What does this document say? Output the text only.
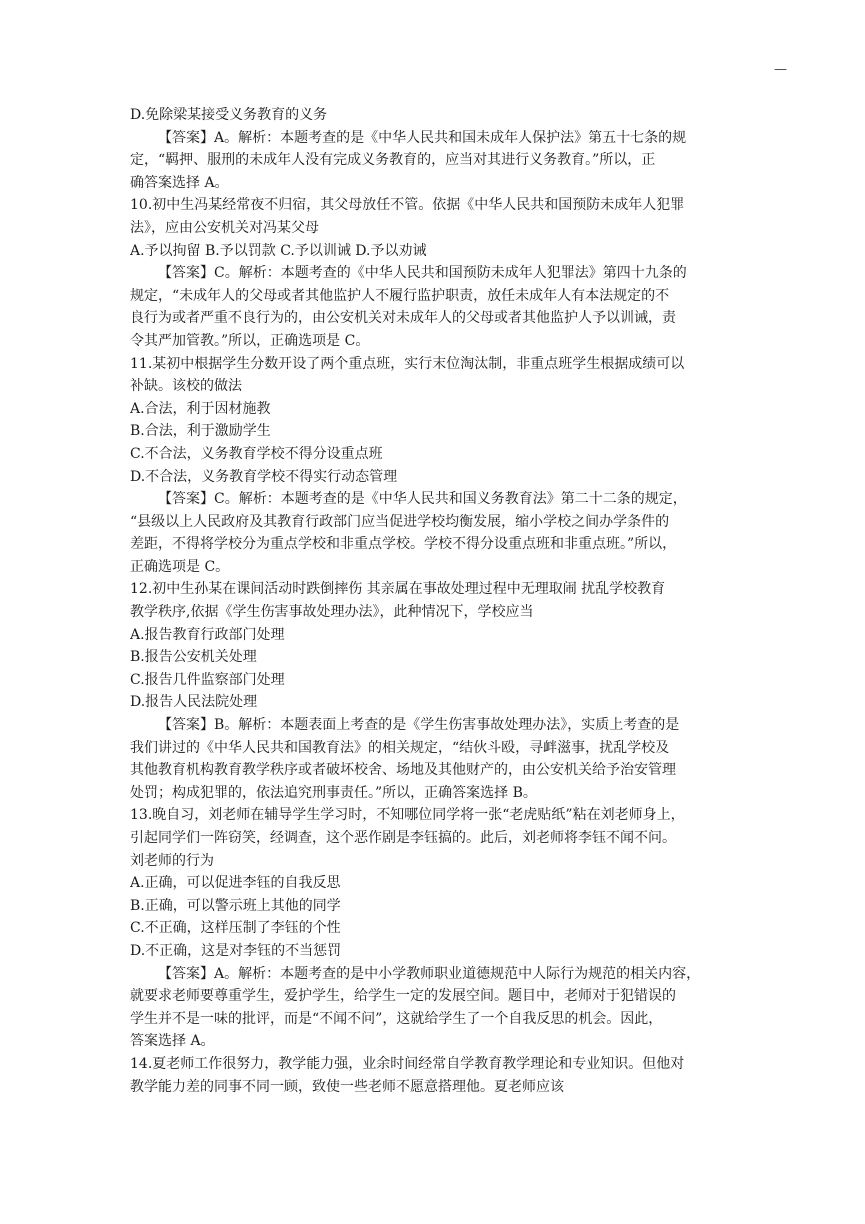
—
D.免除梁某接受义务教育的义务
【答案】A。解析：本题考查的是《中华人民共和国未成年人保护法》第五十七条的规
定，“羁押、服刑的未成年人没有完成义务教育的，应当对其进行义务教育。”所以，正
确答案选择 A。
10.初中生冯某经常夜不归宿，其父母放任不管。依据《中华人民共和国预防未成年人犯罪
法》，应由公安机关对冯某父母
A.予以拘留 B.予以罚款 C.予以训诫 D.予以劝诫
【答案】C。解析：本题考查的《中华人民共和国预防未成年人犯罪法》第四十九条的
规定，“未成年人的父母或者其他监护人不履行监护职责，放任未成年人有本法规定的不
良行为或者严重不良行为的，由公安机关对未成年人的父母或者其他监护人予以训诫，责
令其严加管教。”所以，正确选项是 C。
11.某初中根据学生分数开设了两个重点班，实行末位淘汰制，非重点班学生根据成绩可以
补缺。该校的做法
A.合法，利于因材施教
B.合法，利于激励学生
C.不合法，义务教育学校不得分设重点班
D.不合法，义务教育学校不得实行动态管理
【答案】C。解析：本题考查的是《中华人民共和国义务教育法》第二十二条的规定，
“县级以上人民政府及其教育行政部门应当促进学校均衡发展，缩小学校之间办学条件的
差距，不得将学校分为重点学校和非重点学校。学校不得分设重点班和非重点班。”所以，
正确选项是 C。
12.初中生孙某在课间活动时跌倒摔伤 其亲属在事故处理过程中无理取闹 扰乱学校教育
教学秩序,依据《学生伤害事故处理办法》，此种情况下，学校应当
A.报告教育行政部门处理
B.报告公安机关处理
C.报告几件监察部门处理
D.报告人民法院处理
【答案】B。解析：本题表面上考查的是《学生伤害事故处理办法》，实质上考查的是
我们讲过的《中华人民共和国教育法》的相关规定，“结伙斗殴，寻衅滋事，扰乱学校及
其他教育机构教育教学秩序或者破坏校舍、场地及其他财产的，由公安机关给予治安管理
处罚；构成犯罪的，依法追究刑事责任。”所以，正确答案选择 B。
13.晚自习，刘老师在辅导学生学习时，不知哪位同学将一张“老虎贴纸”粘在刘老师身上，
引起同学们一阵窃笑，经调查，这个恶作剧是李钰搞的。此后，刘老师将李钰不闻不问。
刘老师的行为
A.正确，可以促进李钰的自我反思
B.正确，可以警示班上其他的同学
C.不正确，这样压制了李钰的个性
D.不正确，这是对李钰的不当惩罚
【答案】A。解析：本题考查的是中小学教师职业道德规范中人际行为规范的相关内容，
就要求老师要尊重学生，爱护学生，给学生一定的发展空间。题目中，老师对于犯错误的
学生并不是一味的批评，而是“不闻不问”，这就给学生了一个自我反思的机会。因此，
答案选择 A。
14.夏老师工作很努力，教学能力强，业余时间经常自学教育教学理论和专业知识。但他对
教学能力差的同事不同一顾，致使一些老师不愿意搭理他。夏老师应该
